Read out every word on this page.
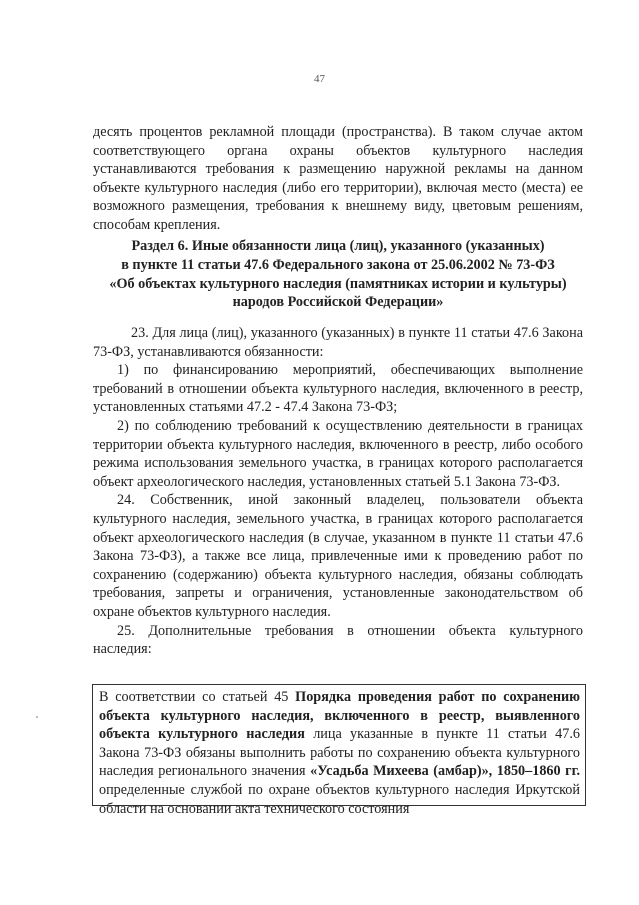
47

десять процентов рекламной площади (пространства). В таком случае актом соответствующего органа охраны объектов культурного наследия устанавливаются требования к размещению наружной рекламы на данном объекте культурного наследия (либо его территории), включая место (места) ее возможного размещения, требования к внешнему виду, цветовым решениям, способам крепления.

Раздел 6. Иные обязанности лица (лиц), указанного (указанных)
в пункте 11 статьи 47.6 Федерального закона от 25.06.2002 № 73-ФЗ
«Об объектах культурного наследия (памятниках истории и культуры)
народов Российской Федерации»

23. Для лица (лиц), указанного (указанных) в пункте 11 статьи 47.6 Закона 73-ФЗ, устанавливаются обязанности:

1) по финансированию мероприятий, обеспечивающих выполнение требований в отношении объекта культурного наследия, включенного в реестр, установленных статьями 47.2 - 47.4 Закона 73-ФЗ;

2) по соблюдению требований к осуществлению деятельности в границах территории объекта культурного наследия, включенного в реестр, либо особого режима использования земельного участка, в границах которого располагается объект археологического наследия, установленных статьей 5.1 Закона 73-ФЗ.

24. Собственник, иной законный владелец, пользователи объекта культурного наследия, земельного участка, в границах которого располагается объект археологического наследия (в случае, указанном в пункте 11 статьи 47.6 Закона 73-ФЗ), а также все лица, привлеченные ими к проведению работ по сохранению (содержанию) объекта культурного наследия, обязаны соблюдать требования, запреты и ограничения, установленные законодательством об охране объектов культурного наследия.

25. Дополнительные требования в отношении объекта культурного наследия:

В соответствии со статьей 45 Порядка проведения работ по сохранению объекта культурного наследия, включенного в реестр, выявленного объекта культурного наследия лица указанные в пункте 11 статьи 47.6 Закона 73-ФЗ обязаны выполнить работы по сохранению объекта культурного наследия регионального значения «Усадьба Михеева (амбар)», 1850–1860 гг. определенные службой по охране объектов культурного наследия Иркутской области на основании акта технического состояния
